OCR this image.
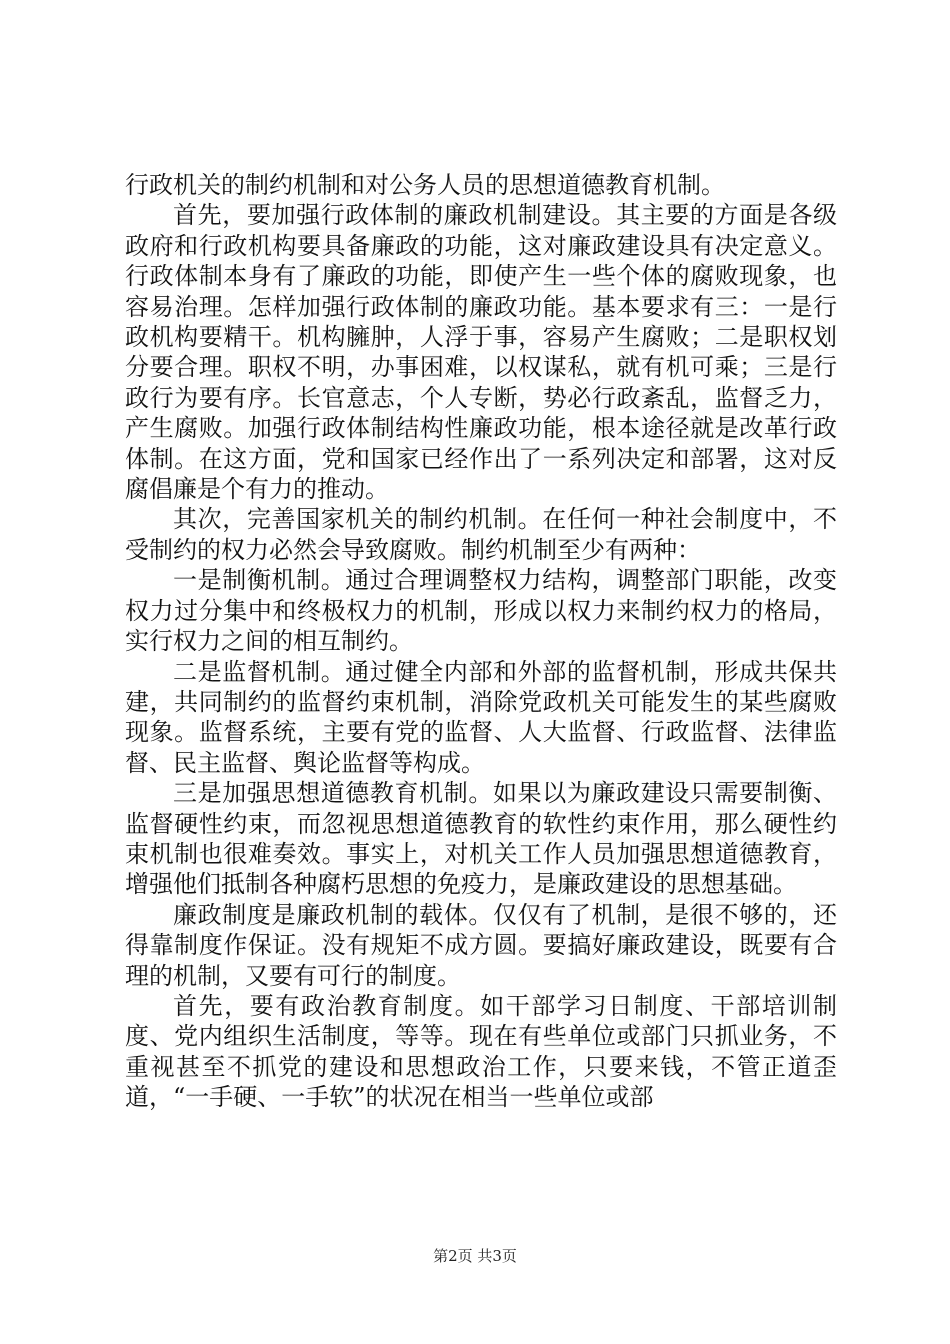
行政机关的制约机制和对公务人员的思想道德教育机制。

首先，要加强行政体制的廉政机制建设。其主要的方面是各级政府和行政机构要具备廉政的功能，这对廉政建设具有决定意义。行政体制本身有了廉政的功能，即使产生一些个体的腐败现象，也容易治理。怎样加强行政体制的廉政功能。基本要求有三：一是行政机构要精干。机构臃肿，人浮于事，容易产生腐败；二是职权划分要合理。职权不明，办事困难，以权谋私，就有机可乘；三是行政行为要有序。长官意志，个人专断，势必行政紊乱，监督乏力，产生腐败。加强行政体制结构性廉政功能，根本途径就是改革行政体制。在这方面，党和国家已经作出了一系列决定和部署，这对反腐倡廉是个有力的推动。

其次，完善国家机关的制约机制。在任何一种社会制度中，不受制约的权力必然会导致腐败。制约机制至少有两种：

一是制衡机制。通过合理调整权力结构，调整部门职能，改变权力过分集中和终极权力的机制，形成以权力来制约权力的格局，实行权力之间的相互制约。

二是监督机制。通过健全内部和外部的监督机制，形成共保共建，共同制约的监督约束机制，消除党政机关可能发生的某些腐败现象。监督系统，主要有党的监督、人大监督、行政监督、法律监督、民主监督、舆论监督等构成。

三是加强思想道德教育机制。如果以为廉政建设只需要制衡、监督硬性约束，而忽视思想道德教育的软性约束作用，那么硬性约束机制也很难奏效。事实上，对机关工作人员加强思想道德教育，增强他们抵制各种腐朽思想的免疫力，是廉政建设的思想基础。

廉政制度是廉政机制的载体。仅仅有了机制，是很不够的，还得靠制度作保证。没有规矩不成方圆。要搞好廉政建设，既要有合理的机制，又要有可行的制度。

首先，要有政治教育制度。如干部学习日制度、干部培训制度、党内组织生活制度，等等。现在有些单位或部门只抓业务，不重视甚至不抓党的建设和思想政治工作，只要来钱，不管正道歪道，“一手硬、一手软”的状况在相当一些单位或部

第2页 共3页
